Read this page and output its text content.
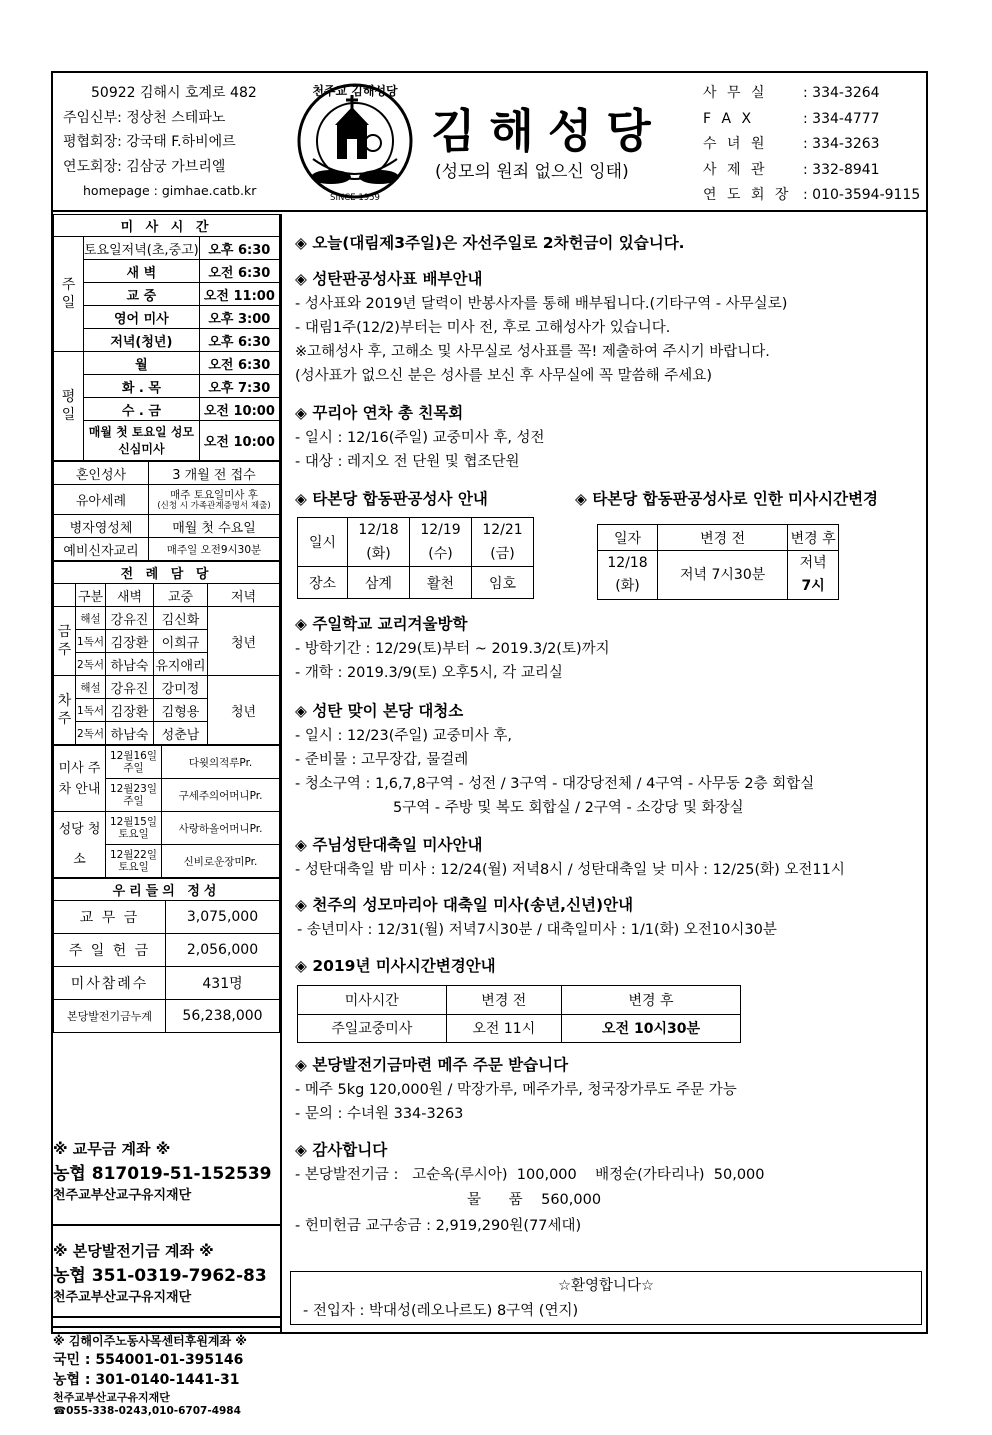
50922 김해시 호계로 482
주임신부: 정상천 스테파노
평협회장: 강국태 F.하비에르
연도회장: 김삼궁 가브리엘
homepage : gimhae.catb.kr
천주교 김해성당
SINCE 1959
김해성당
(성모의 원죄 없으신 잉태)
사 무 실	: 334-3264
F A X	: 334-4777
수 녀 원	: 334-3263
사 제 관	: 332-8941
연 도 회 장 : 010-3594-9115
미 사 시 간		
주일	토요일저녁(초,중고)	오후 6:30
	새 벽	오전 6:30
	교 중	오전 11:00
	영어 미사	오후 3:00
	저녁(청년)	오후 6:30
평일	월	오전 6:30
	화 . 목	오후 7:30
	수 . 금	오전 10:00
	매월 첫 토요일 성모신심미사	오전 10:00
혼인성사	3 개월 전 접수
유아세례	매주 토요일미사 후
(신청 시 가족관계증명서 제출)

병자영성체	매월 첫 수요일
예비신자교리	매주일 오전9시30분
전 례 담 당				
	구분	새벽	교중	저녁
금주	해설	강유진	김신화	청년
	1독서	김장환	이희규	
	2독서	하남숙	유지애리	
차주	해설	강유진	강미정	청년
	1독서	김장환	김형용	
	2독서	하남숙	성춘남	
미사 주차 안내	12월16일 주일	다윗의적루Pr.
	12월23일 주일	구세주의어머니Pr.
성당 청소	12월15일 토요일	사랑하올어머니Pr.
	12월22일 토요일	신비로운장미Pr.
우리들의 정성	
교 무 금	3,075,000
주 일 헌 금	2,056,000
미사참례수	431명
본당발전기금누계	56,238,000
※ 교무금 계좌 ※
농협 817019-51-152539
천주교부산교구유지재단
※ 본당발전기금 계좌 ※
농협 351-0319-7962-83
천주교부산교구유지재단
※ 김해이주노동사목센터후원계좌 ※
국민 : 554001-01-395146
농협 : 301-0140-1441-31
천주교부산교구유지재단
☎055-338-0243,010-6707-4984
◈ 오늘(대림제3주일)은 자선주일로 2차헌금이 있습니다.
◈ 성탄판공성사표 배부안내
- 성사표와 2019년 달력이 반봉사자를 통해 배부됩니다.(기타구역 - 사무실로)
- 대림1주(12/2)부터는 미사 전, 후로 고해성사가 있습니다.
※고해성사 후, 고해소 및 사무실로 성사표를 꼭! 제출하여 주시기 바랍니다.
(성사표가 없으신 분은 성사를 보신 후 사무실에 꼭 말씀해 주세요)
◈ 꾸리아 연차 총 친목회
- 일시 : 12/16(주일) 교중미사 후, 성전
- 대상 : 레지오 전 단원 및 협조단원
◈ 타본당 합동판공성사 안내	◈ 타본당 합동판공성사로 인한 미사시간변경
일시	12/18 (화)	12/19 (수)	12/21 (금)
장소	삼계	활천	임호
일자	변경 전	변경 후
12/18 (화)	저녁 7시30분	저녁
7시
◈ 주일학교 교리겨울방학
- 방학기간 : 12/29(토)부터 ~ 2019.3/2(토)까지
- 개학 : 2019.3/9(토) 오후5시, 각 교리실
◈ 성탄 맞이 본당 대청소
- 일시 : 12/23(주일) 교중미사 후,
- 준비물 : 고무장갑, 물걸레
- 청소구역 : 1,6,7,8구역 - 성전 / 3구역 - 대강당전체 / 4구역 - 사무동 2층 회합실
5구역 - 주방 및 복도 회합실 / 2구역 - 소강당 및 화장실
◈ 주님성탄대축일 미사안내
- 성탄대축일 밤 미사 : 12/24(월) 저녁8시 / 성탄대축일 낮 미사 : 12/25(화) 오전11시
◈ 천주의 성모마리아 대축일 미사(송년,신년)안내
- 송년미사 : 12/31(월) 저녁7시30분 / 대축일미사 : 1/1(화) 오전10시30분
◈ 2019년 미사시간변경안내
미사시간	변경 전	변경 후
주일교중미사	오전 11시	오전 10시30분
◈ 본당발전기금마련 메주 주문 받습니다
- 메주 5kg 120,000원 / 막장가루, 메주가루, 청국장가루도 주문 가능
- 문의 : 수녀원 334-3263
◈ 감사합니다
- 본당발전기금 :   고순옥(루시아)  100,000    배정순(가타리나)  50,000
물      품    560,000
- 헌미헌금 교구송금 : 2,919,290원(77세대)
☆환영합니다☆
- 전입자 : 박대성(레오나르도) 8구역 (연지)
